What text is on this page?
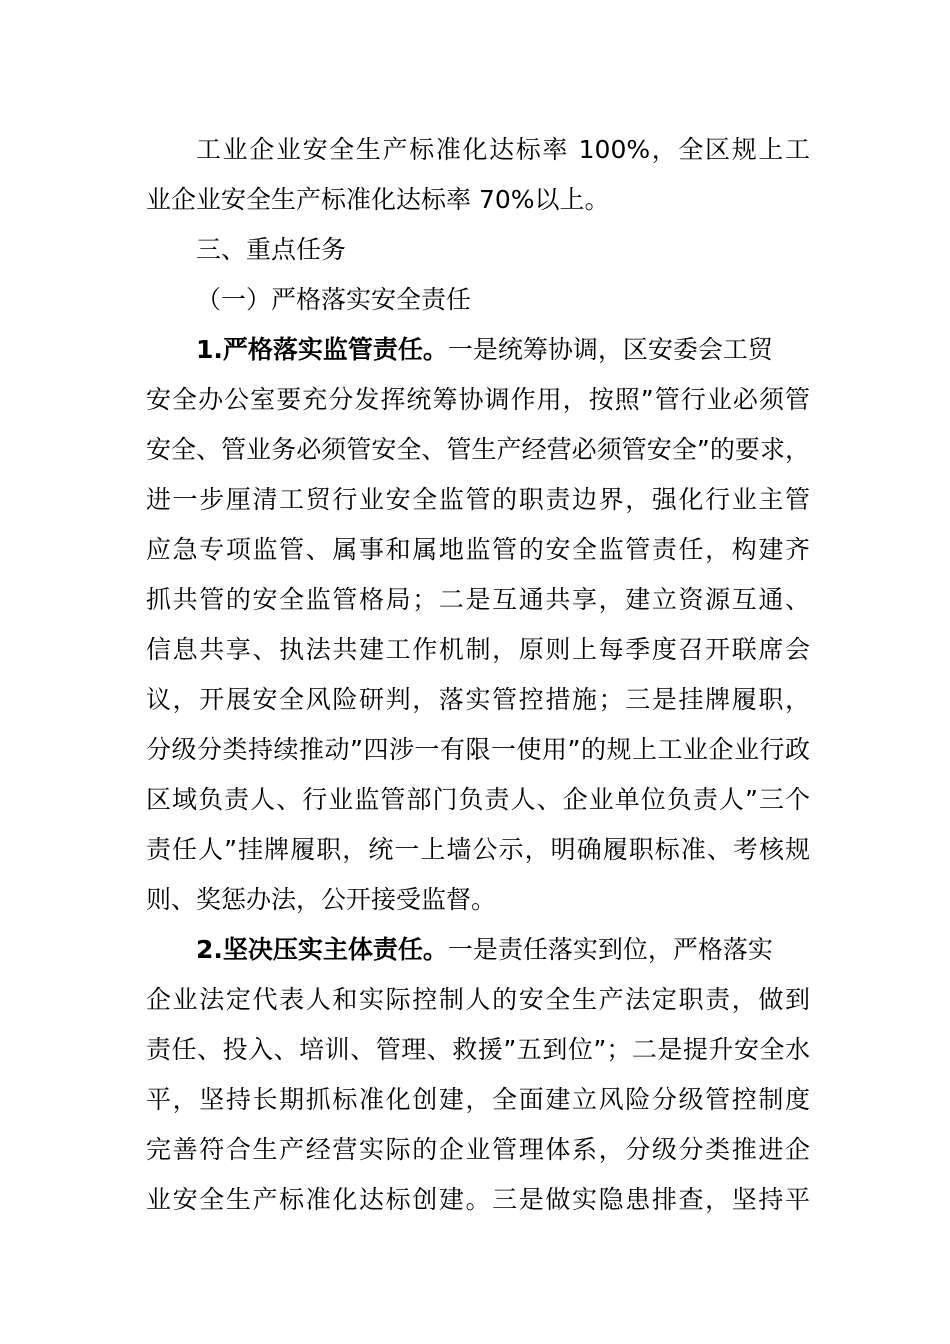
工业企业安全生产标准化达标率 100%，全区规上工
业企业安全生产标准化达标率 70%以上。
三、重点任务
（一）严格落实安全责任
1.严格落实监管责任。一是统筹协调，区安委会工贸
安全办公室要充分发挥统筹协调作用，按照”管行业必须管
安全、管业务必须管安全、管生产经营必须管安全”的要求，
进一步厘清工贸行业安全监管的职责边界，强化行业主管
应急专项监管、属事和属地监管的安全监管责任，构建齐
抓共管的安全监管格局；二是互通共享，建立资源互通、
信息共享、执法共建工作机制，原则上每季度召开联席会
议，开展安全风险研判，落实管控措施；三是挂牌履职，
分级分类持续推动”四涉一有限一使用”的规上工业企业行政
区域负责人、行业监管部门负责人、企业单位负责人”三个
责任人”挂牌履职，统一上墙公示，明确履职标准、考核规
则、奖惩办法，公开接受监督。
2.坚决压实主体责任。一是责任落实到位，严格落实
企业法定代表人和实际控制人的安全生产法定职责，做到
责任、投入、培训、管理、救援”五到位”；二是提升安全水
平，坚持长期抓标准化创建，全面建立风险分级管控制度
完善符合生产经营实际的企业管理体系，分级分类推进企
业安全生产标准化达标创建。三是做实隐患排查，坚持平
